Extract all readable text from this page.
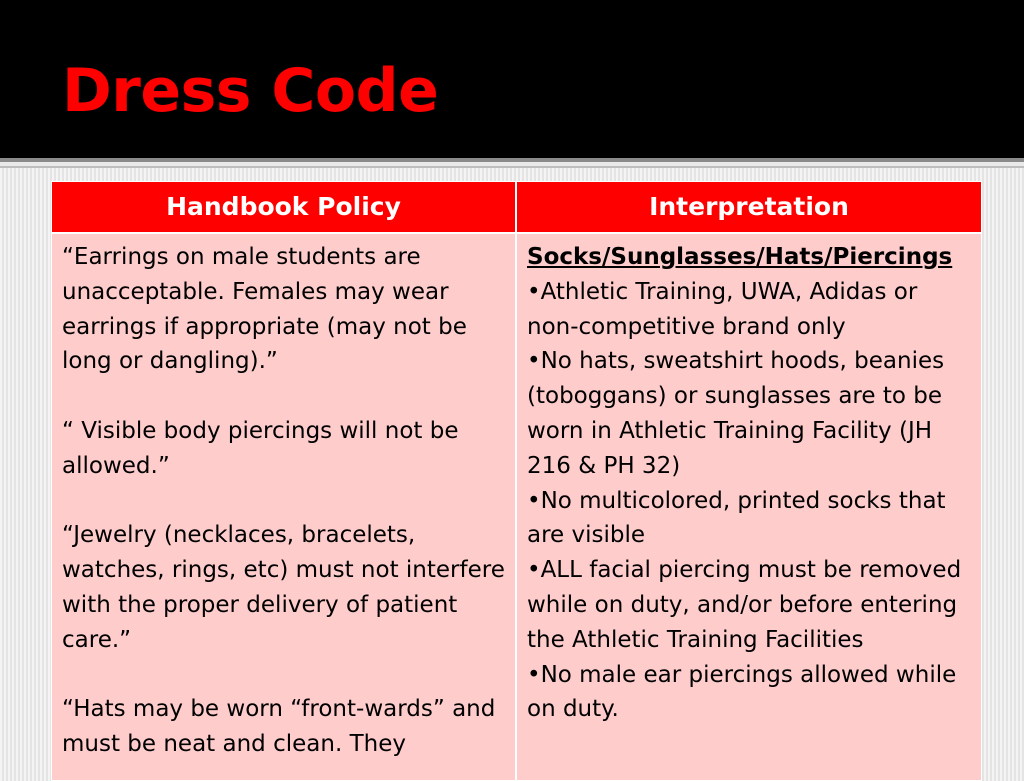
Dress Code
Handbook Policy	Interpretation

“Earrings on male students are unacceptable. Females may wear earrings if appropriate (may not be long or dangling).”

“ Visible body piercings will not be allowed.”

“Jewelry (necklaces, bracelets, watches, rings, etc) must not interfere with the proper delivery of patient care.”

“Hats may be worn “front-wards” and must be neat and clean. They

Socks/Sunglasses/Hats/Piercings

•Athletic Training, UWA, Adidas or non-competitive brand only

•No hats, sweatshirt hoods, beanies (toboggans) or sunglasses are to be worn in Athletic Training Facility (JH 216 & PH 32)

•No multicolored, printed socks that are visible

•ALL facial piercing must be removed while on duty, and/or before entering the Athletic Training Facilities

•No male ear piercings allowed while on duty.
